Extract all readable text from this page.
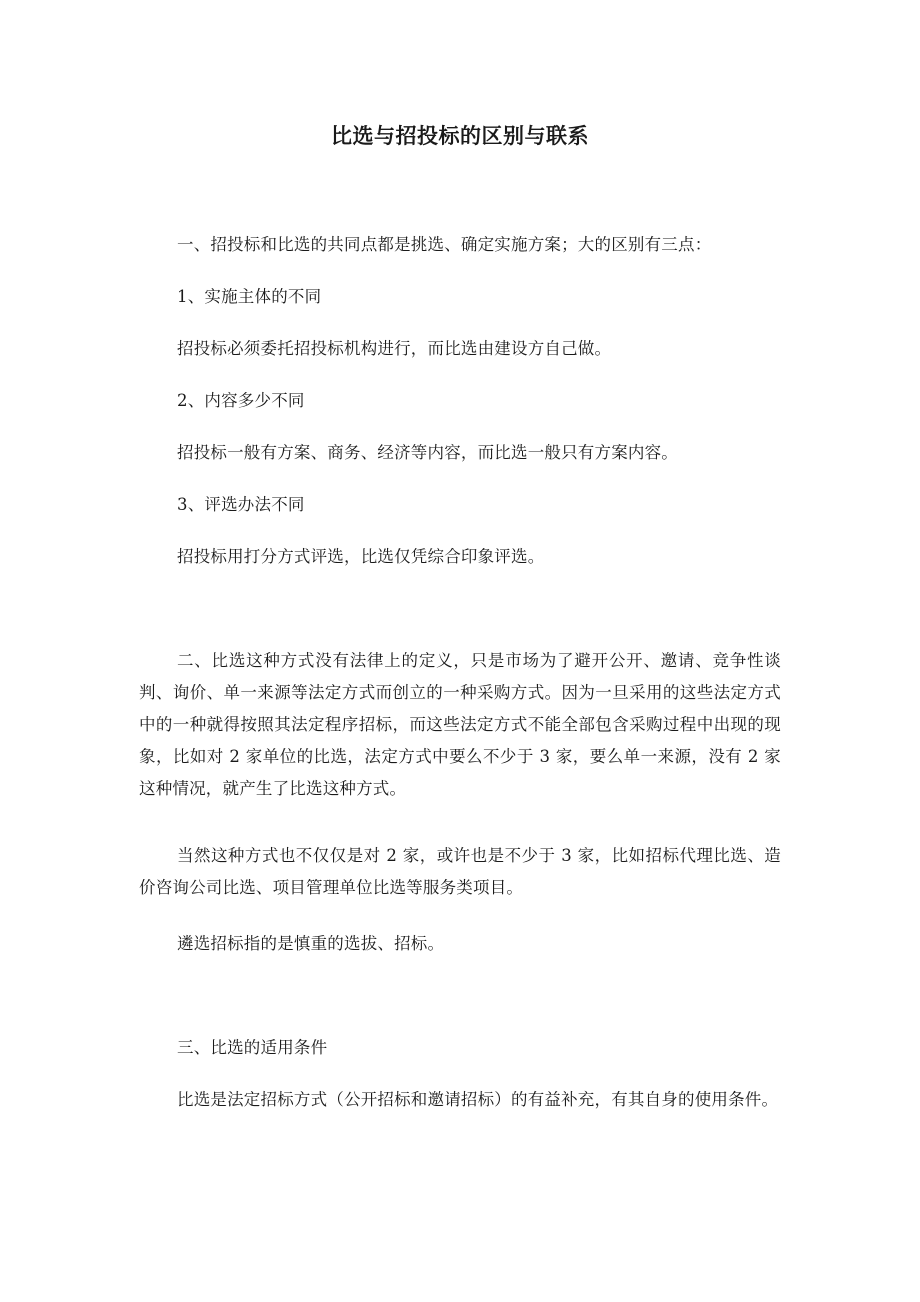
比选与招投标的区别与联系

一、招投标和比选的共同点都是挑选、确定实施方案；大的区别有三点：

1、实施主体的不同

招投标必须委托招投标机构进行，而比选由建设方自己做。

2、内容多少不同

招投标一般有方案、商务、经济等内容，而比选一般只有方案内容。

3、评选办法不同

招投标用打分方式评选，比选仅凭综合印象评选。

二、比选这种方式没有法律上的定义，只是市场为了避开公开、邀请、竞争性谈判、询价、单一来源等法定方式而创立的一种采购方式。因为一旦采用的这些法定方式中的一种就得按照其法定程序招标，而这些法定方式不能全部包含采购过程中出现的现象，比如对 2 家单位的比选，法定方式中要么不少于 3 家，要么单一来源，没有 2 家这种情况，就产生了比选这种方式。

当然这种方式也不仅仅是对 2 家，或许也是不少于 3 家，比如招标代理比选、造价咨询公司比选、项目管理单位比选等服务类项目。

遴选招标指的是慎重的选拔、招标。

三、比选的适用条件

比选是法定招标方式（公开招标和邀请招标）的有益补充，有其自身的使用条件。
